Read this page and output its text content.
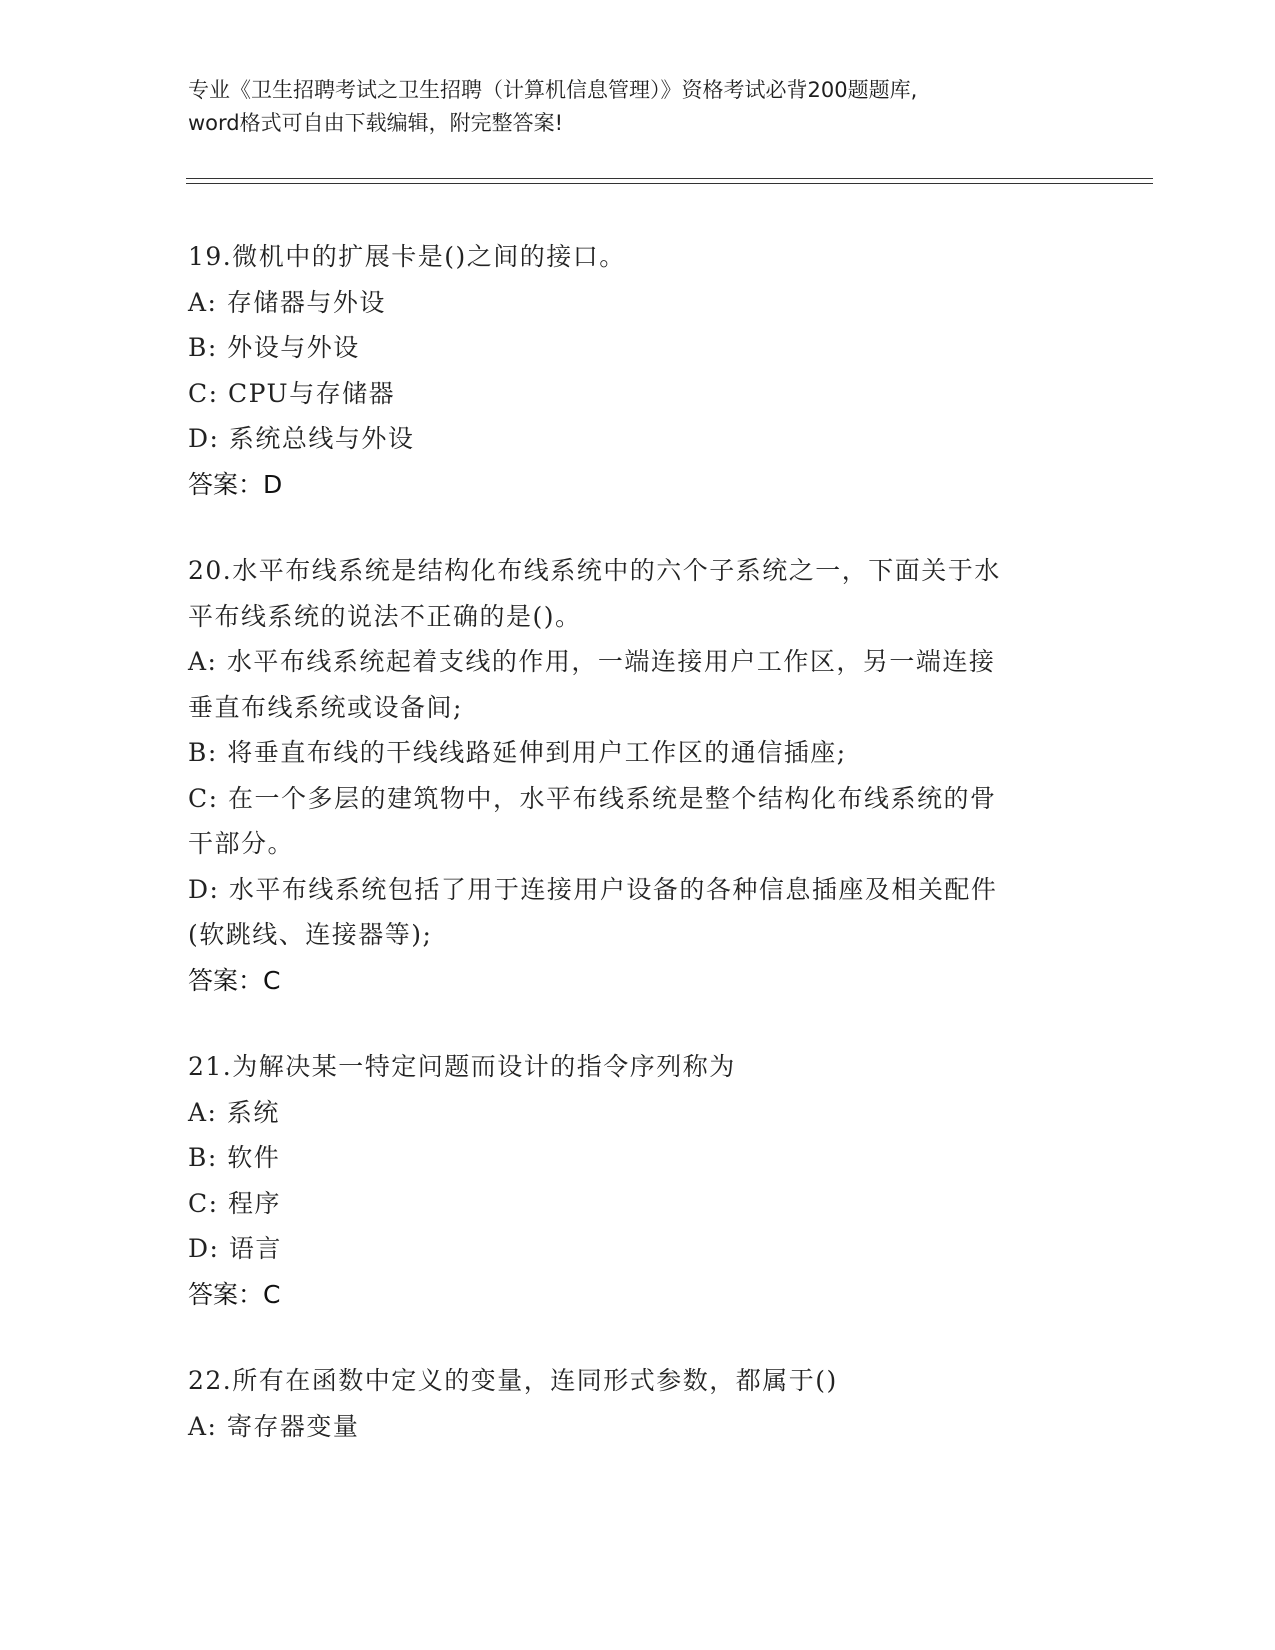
专业《卫生招聘考试之卫生招聘（计算机信息管理）》资格考试必背200题题库,
word格式可自由下载编辑，附完整答案!
19.微机中的扩展卡是()之间的接口。
A: 存储器与外设
B: 外设与外设
C: CPU与存储器
D: 系统总线与外设
答案：D
20.水平布线系统是结构化布线系统中的六个子系统之一，下面关于水
平布线系统的说法不正确的是()。
A: 水平布线系统起着支线的作用，一端连接用户工作区，另一端连接
垂直布线系统或设备间;
B: 将垂直布线的干线线路延伸到用户工作区的通信插座;
C: 在一个多层的建筑物中，水平布线系统是整个结构化布线系统的骨
干部分。
D: 水平布线系统包括了用于连接用户设备的各种信息插座及相关配件
(软跳线、连接器等);
答案：C
21.为解决某一特定问题而设计的指令序列称为
A: 系统
B: 软件
C: 程序
D: 语言
答案：C
22.所有在函数中定义的变量，连同形式参数，都属于()
A: 寄存器变量
